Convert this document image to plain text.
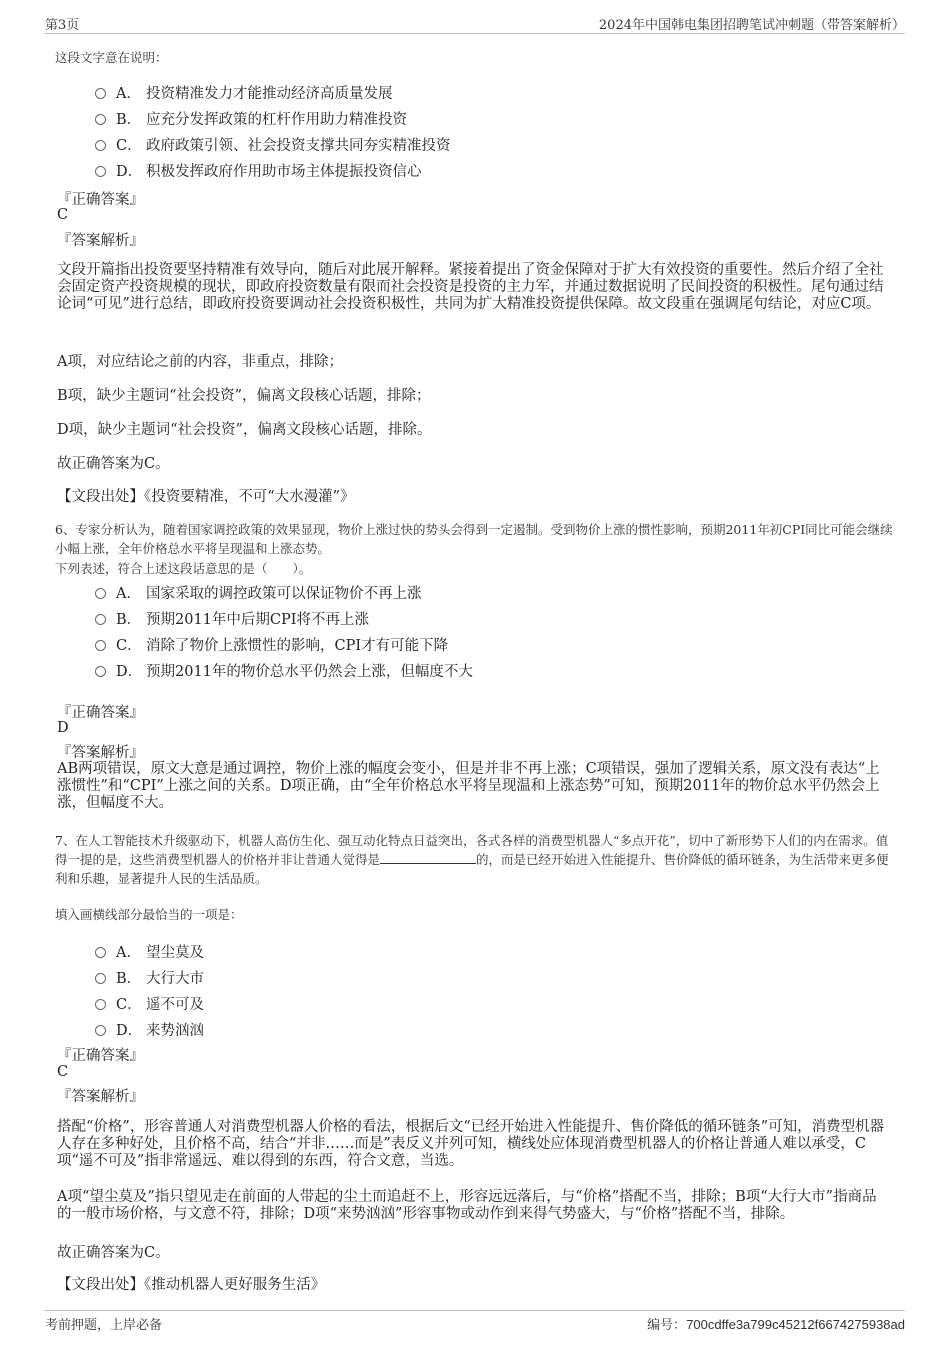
第3页	2024年中国韩电集团招聘笔试冲刺题（带答案解析）
这段文字意在说明：
A． 投资精准发力才能推动经济高质量发展
B． 应充分发挥政策的杠杆作用助力精准投资
C． 政府政策引领、社会投资支撑共同夯实精准投资
D． 积极发挥政府作用助市场主体提振投资信心
『正确答案』
C
『答案解析』
文段开篇指出投资要坚持精准有效导向，随后对此展开解释。紧接着提出了资金保障对于扩大有效投资的重要性。然后介绍了全社会固定资产投资规模的现状，即政府投资数量有限而社会投资是投资的主力军，并通过数据说明了民间投资的积极性。尾句通过结论词“可见”进行总结，即政府投资要调动社会投资积极性，共同为扩大精准投资提供保障。故文段重在强调尾句结论，对应C项。
A项，对应结论之前的内容，非重点，排除；
B项，缺少主题词“社会投资”，偏离文段核心话题，排除；
D项，缺少主题词“社会投资”，偏离文段核心话题，排除。
故正确答案为C。
【文段出处】《投资要精准，不可“大水漫灌”》
6、专家分析认为，随着国家调控政策的效果显现，物价上涨过快的势头会得到一定遏制。受到物价上涨的惯性影响，预期2011年初CPI同比可能会继续小幅上涨，全年价格总水平将呈现温和上涨态势。
下列表述，符合上述这段话意思的是（　　）。
A． 国家采取的调控政策可以保证物价不再上涨
B． 预期2011年中后期CPI将不再上涨
C． 消除了物价上涨惯性的影响，CPI才有可能下降
D． 预期2011年的物价总水平仍然会上涨，但幅度不大
『正确答案』
D
『答案解析』
AB两项错误，原文大意是通过调控，物价上涨的幅度会变小，但是并非不再上涨；C项错误，强加了逻辑关系，原文没有表达“上涨惯性”和“CPI”上涨之间的关系。D项正确，由“全年价格总水平将呈现温和上涨态势”可知，预期2011年的物价总水平仍然会上涨，但幅度不大。
7、在人工智能技术升级驱动下，机器人高仿生化、强互动化特点日益突出，各式各样的消费型机器人“多点开花”，切中了新形势下人们的内在需求。值得一提的是，这些消费型机器人的价格并非让普通人觉得是	的，而是已经开始进入性能提升、售价降低的循环链条，为生活带来更多便利和乐趣，显著提升人民的生活品质。
填入画横线部分最恰当的一项是：
A． 望尘莫及
B． 大行大市
C． 遥不可及
D． 来势汹汹
『正确答案』
C
『答案解析』
搭配“价格”，形容普通人对消费型机器人价格的看法，根据后文“已经开始进入性能提升、售价降低的循环链条”可知，消费型机器人存在多种好处，且价格不高，结合“并非……而是”表反义并列可知，横线处应体现消费型机器人的价格让普通人难以承受，C项“遥不可及”指非常遥远、难以得到的东西，符合文意，当选。
A项“望尘莫及”指只望见走在前面的人带起的尘土而追赶不上，形容远远落后，与“价格”搭配不当，排除；B项“大行大市”指商品的一般市场价格，与文意不符，排除；D项“来势汹汹”形容事物或动作到来得气势盛大，与“价格”搭配不当，排除。
故正确答案为C。
【文段出处】《推动机器人更好服务生活》
考前押题，上岸必备	编号：700cdffe3a799c45212f6674275938ad
